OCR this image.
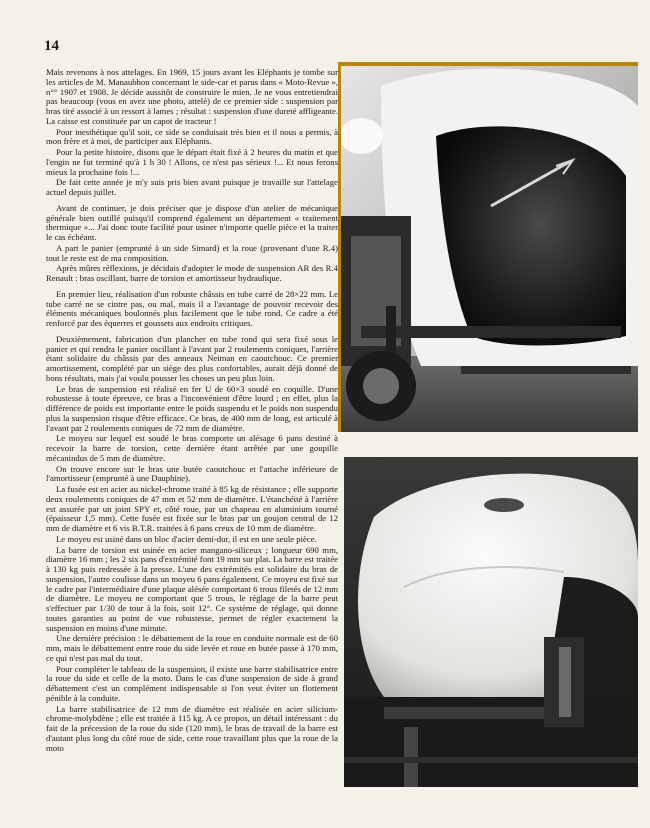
14

Mais revenons à nos attelages. En 1969, 15 jours avant les Eléphants je tombe sur les articles de M. Manaubhon concernant le side-car et parus dans « Moto-Revue », n°° 1907 et 1908. Je décide aussitôt de construire le mien. Je ne vous entretiendrai pas beaucoup (vous en avez une photo, attelé) de ce premier side : suspension par bras tiré associé à un ressort à lames ; résultat : suspension d'une dureté affligeante. La caisse est constituée par un capot de tracteur !

Pour inesthétique qu'il soit, ce side se conduisait très bien et il nous a permis, à mon frère et à moi, de participer aux Eléphants.

Pour la petite histoire, disons que le départ était fixé à 2 heures du matin et que l'engin ne fut terminé qu'à 1 h 30 ! Allons, ce n'est pas sérieux !... Et nous ferons mieux la prochaine fois !...

De fait cette année je m'y suis pris bien avant puisque je travaille sur l'attelage actuel depuis juillet.

Avant de continuer, je dois préciser que je dispose d'un atelier de mécanique générale bien outillé puisqu'il comprend également un département « traitement thermique »... J'ai donc toute facilité pour usiner n'importe quelle pièce et la traiter le cas échéant.

A part le panier (emprunté à un side Simard) et la roue (provenant d'une R.4) tout le reste est de ma composition.

Après mûres réflexions, je décidais d'adopter le mode de suspension AR des R.4 Renault : bras oscillant, barre de torsion et amortisseur hydraulique.

En premier lieu, réalisation d'un robuste châssis en tube carré de 28×22 mm. Le tube carré ne se cintre pas, ou mal, mais il a l'avantage de pouvoir recevoir des éléments mécaniques boulonnés plus facilement que le tube rond. Ce cadre a été renforcé par des équerres et goussets aux endroits critiques.

Deuxièmement, fabrication d'un plancher en tube rond qui sera fixé sous le panier et qui rendra le panier oscillant à l'avant par 2 roulements coniques, l'arrière étant solidaire du châssis par des anneaux Neiman en caoutchouc. Ce premier amortissement, complété par un siège des plus confortables, aurait déjà donné de bons résultats, mais j'ai voulu pousser les choses un peu plus loin.

Le bras de suspension est réalisé en fer U de 60×3 soudé en coquille. D'une robustesse à toute épreuve, ce bras a l'inconvénient d'être lourd ; en effet, plus la différence de poids est importante entre le poids suspendu et le poids non suspendu plus la suspension risque d'être efficace. Ce bras, de 400 mm de long, est articulé à l'avant par 2 roulements coniques de 72 mm de diamètre.

Le moyeu sur lequel est soudé le bras comporte un alésage 6 pans destiné à recevoir la barre de torsion, cette dernière étant arrêtée par une goupille mécanindus de 5 mm de diamètre.

On trouve encore sur le bras une butée caoutchouc et l'attache inférieure de l'amortisseur (emprunté à une Dauphine).

La fusée est en acier au nickel-chrome traité à 85 kg de résistance ; elle supporte deux roulements coniques de 47 mm et 52 mm de diamètre. L'étanchéité à l'arrière est assurée par un joint SPY et, côté roue, par un chapeau en aluminium tourné (épaisseur 1,5 mm). Cette fusée est fixée sur le bras par un goujon central de 12 mm de diamètre et 6 vis B.T.R. traitées à 6 pans creux de 10 mm de diamètre.

Le moyeu est usiné dans un bloc d'acier demi-dur, il est en une seule pièce.

La barre de torsion est usinée en acier mangano-siliceux ; longueur 690 mm, diamètre 16 mm ; les 2 six pans d'extrémité font 19 mm sur plat. La barre est traitée à 130 kg puis redressée à la presse. L'une des extrémités est solidaire du bras de suspension, l'autre coulisse dans un moyeu 6 pans également. Ce moyeu est fixé sur le cadre par l'intermédiaire d'une plaque alésée comportant 6 trous filetés de 12 mm de diamètre. Le moyeu ne comportant que 5 trous, le réglage de la barre peut s'effectuer par 1/30 de tour à la fois, soit 12°. Ce système de réglage, qui donne toutes garanties au point de vue robustesse, permet de régler exactement la suspension en moins d'une minute.

Une dernière précision : le débattement de la roue en conduite normale est de 60 mm, mais le débattement entre roue du side levée et roue en butée passe à 170 mm, ce qui n'est pas mal du tout.

Pour compléter le tableau de la suspension, il existe une barre stabilisatrice entre la roue du side et celle de la moto. Dans le cas d'une suspension de side à grand débattement c'est un complément indispensable si l'on veut éviter un flottement pénible à la conduite.

La barre stabilisatrice de 12 mm de diamètre est réalisée en acier silicium-chrome-molybdène ; elle est traitée à 115 kg. A ce propos, un détail intéressant : du fait de la précession de la roue du side (120 mm), le bras de travail de la barre est d'autant plus long du côté roue de side, cette roue travaillant plus que la roue de la moto
